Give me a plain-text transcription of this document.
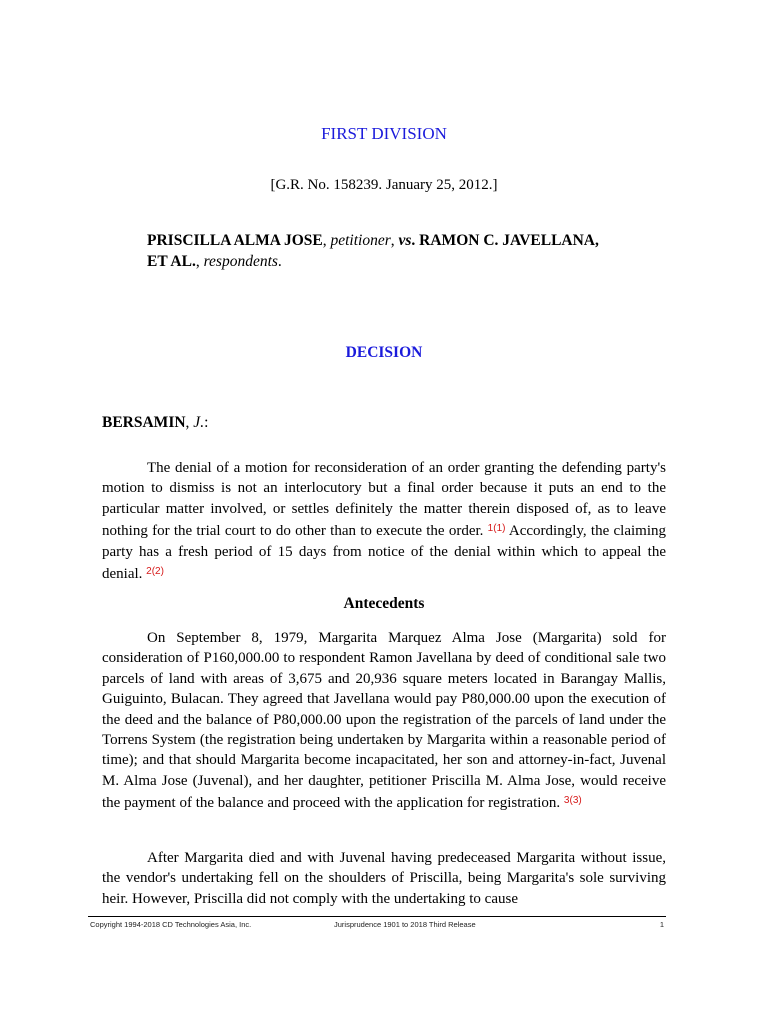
FIRST DIVISION
[G.R. No. 158239. January 25, 2012.]
PRISCILLA ALMA JOSE, petitioner, vs. RAMON C. JAVELLANA,
ET AL., respondents.
DECISION
BERSAMIN, J.:

The denial of a motion for reconsideration of an order granting the defending party's motion to dismiss is not an interlocutory but a final order because it puts an end to the particular matter involved, or settles definitely the matter therein disposed of, as to leave nothing for the trial court to do other than to execute the order. $^{1(1)}$ Accordingly, the claiming party has a fresh period of 15 days from notice of the denial within which to appeal the denial. $^{2(2)}$

Antecedents

On September 8, 1979, Margarita Marquez Alma Jose (Margarita) sold for consideration of P160,000.00 to respondent Ramon Javellana by deed of conditional sale two parcels of land with areas of 3,675 and 20,936 square meters located in Barangay Mallis, Guiguinto, Bulacan. They agreed that Javellana would pay P80,000.00 upon the execution of the deed and the balance of P80,000.00 upon the registration of the parcels of land under the Torrens System (the registration being undertaken by Margarita within a reasonable period of time); and that should Margarita become incapacitated, her son and attorney-in-fact, Juvenal M. Alma Jose (Juvenal), and her daughter, petitioner Priscilla M. Alma Jose, would receive the payment of the balance and proceed with the application for registration. $^{3(3)}$

After Margarita died and with Juvenal having predeceased Margarita without issue, the vendor's undertaking fell on the shoulders of Priscilla, being Margarita's sole surviving heir. However, Priscilla did not comply with the undertaking to cause

Copyright 1994-2018 CD Technologies Asia, Inc.	Jurisprudence 1901 to 2018 Third Release	1
